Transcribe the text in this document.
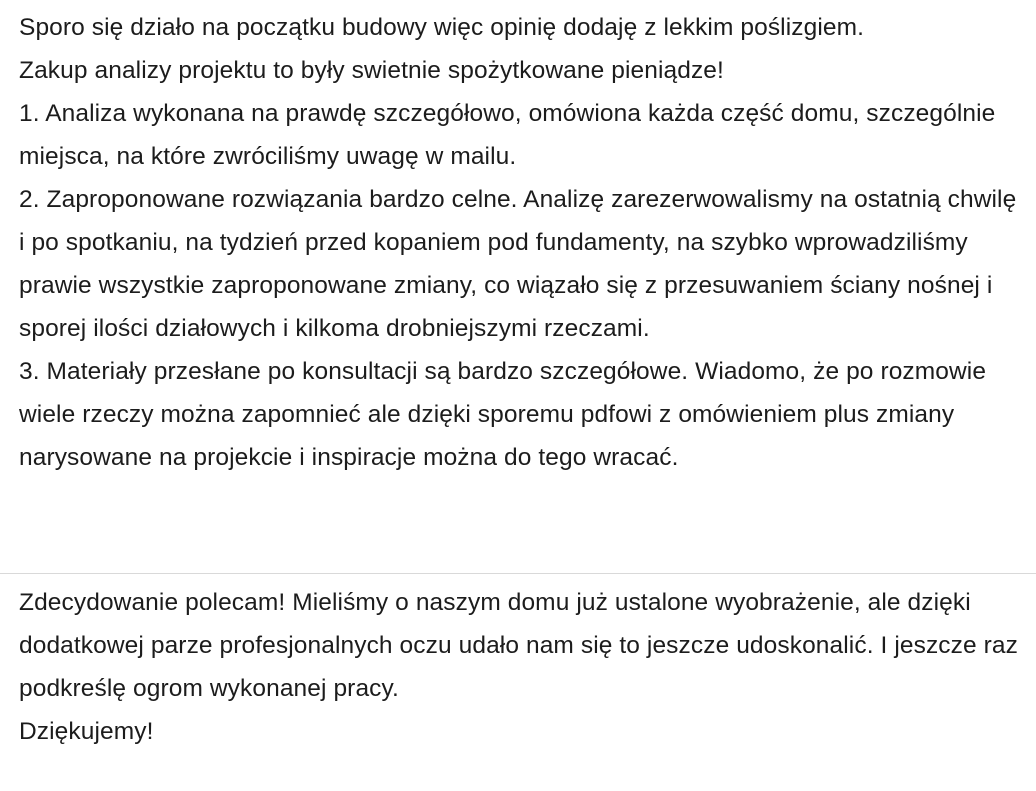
Sporo się działo na początku budowy więc opinię dodaję z lekkim poślizgiem.

Zakup analizy projektu to były swietnie spożytkowane pieniądze!

1. Analiza wykonana na prawdę szczegółowo, omówiona każda część domu, szczególnie miejsca, na które zwróciliśmy uwagę w mailu.

2. Zaproponowane rozwiązania bardzo celne. Analizę zarezerwowalismy na ostatnią chwilę i po spotkaniu, na tydzień przed kopaniem pod fundamenty, na szybko wprowadziliśmy prawie wszystkie zaproponowane zmiany, co wiązało się z przesuwaniem ściany nośnej i sporej ilości działowych i kilkoma drobniejszymi rzeczami.

3. Materiały przesłane po konsultacji są bardzo szczegółowe. Wiadomo, że po rozmowie wiele rzeczy można zapomnieć ale dzięki sporemu pdfowi z omówieniem plus zmiany narysowane na projekcie i inspiracje można do tego wracać.

Zdecydowanie polecam! Mieliśmy o naszym domu już ustalone wyobrażenie, ale dzięki dodatkowej parze profesjonalnych oczu udało nam się to jeszcze udoskonalić. I jeszcze raz podkreślę ogrom wykonanej pracy.

Dziękujemy!
